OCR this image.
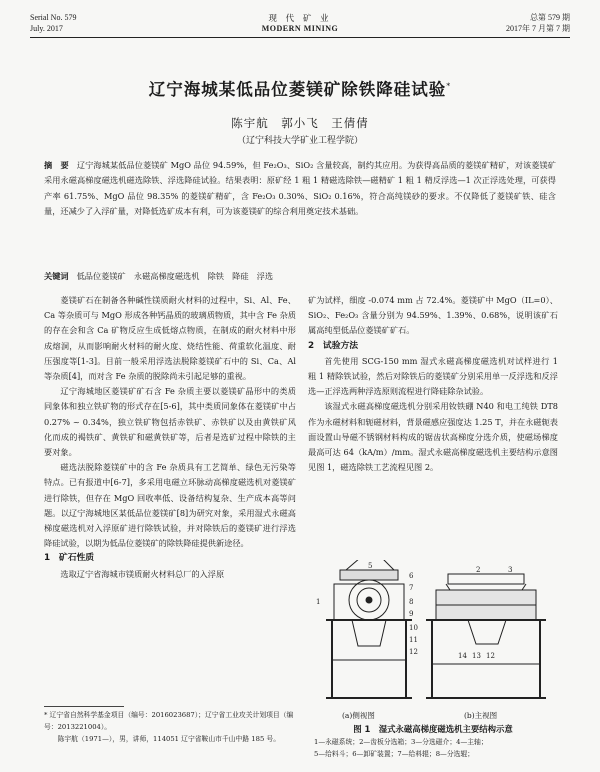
Serial No. 579
July. 2017
现 代 矿 业
MODERN MINING
总第 579 期
2017年 7 月第 7 期
辽宁海城某低品位菱镁矿除铁降硅试验*
陈宇航　郭小飞　王倩倩
（辽宁科技大学矿业工程学院）
摘　要 辽宁海城某低品位菱镁矿 MgO 品位 94.59%，但 Fe₂O₃、SiO₂ 含量较高，制约其应用。为获得高品质的菱镁矿精矿，对该菱镁矿采用永磁高梯度磁选机磁选除铁、浮选降硅试验。结果表明：原矿经 1 粗 1 精磁选除铁—磁精矿 1 粗 1 精反浮选—1 次正浮选处理，可获得产率 61.75%、MgO 品位 98.35% 的菱镁矿精矿，含 Fe₂O₃ 0.30%、SiO₂ 0.16%，符合高纯镁砂的要求。不仅降低了菱镁矿铁、硅含量，还减少了入浮矿量，对降低选矿成本有利，可为该菱镁矿的综合利用奠定技术基础。
关键词 低品位菱镁矿　永磁高梯度磁选机　除铁　降硅　浮选

菱镁矿石在制备各种碱性镁质耐火材料的过程中，Si、Al、Fe、Ca 等杂质可与 MgO 形成各种钙晶质的玻璃质物质，其中含 Fe 杂质的存在会和含 Ca 矿物反应生成低熔点物质，在制成的耐火材料中形成熔洞，从而影响耐火材料的耐火度、烧结性能、荷重软化温度、耐压强度等[1-3]。目前一般采用浮选法脱除菱镁矿石中的 Si、Ca、Al 等杂质[4]，而对含 Fe 杂质的脱除尚未引起足够的重视。

辽宁海城地区菱镁矿矿石含 Fe 杂质主要以菱镁矿晶形中的类质同象体和独立铁矿物的形式存在[5-6]，其中类质同象体在菱镁矿中占 0.27% ~ 0.34%，独立铁矿物包括赤铁矿、赤铁矿以及由黄铁矿风化而成的褐铁矿、黄铁矿和磁黄铁矿等，后者是选矿过程中除铁的主要对象。

磁选法脱除菱镁矿中的含 Fe 杂质具有工艺简单、绿色无污染等特点。已有报道中[6-7]，多采用电磁立环脉动高梯度磁选机对菱镁矿进行除铁，但存在 MgO 回收率低、设备结构复杂、生产成本高等问题。以辽宁海城地区某低品位菱镁矿[8]为研究对象，采用湿式永磁高梯度磁选机对入浮原矿进行除铁试验，并对除铁后的菱镁矿进行浮选降硅试验，以期为低品位菱镁矿的除铁降硅提供新途径。

1　矿石性质

选取辽宁省海城市镁质耐火材料总厂的入浮原

* 辽宁省自然科学基金项目（编号：2016023687）；辽宁省工业攻关计划项目（编号：2013221004）。
陈宇航（1971—），男，讲师，114051 辽宁省鞍山市千山中路 185 号。

矿为试样，细度 -0.074 mm 占 72.4%。菱镁矿中 MgO（IL=0）、SiO₂、Fe₂O₃ 含量分别为 94.59%、1.39%、0.68%，说明该矿石属高纯型低品位菱镁矿矿石。

2　试验方法

首先使用 SCG-150 mm 湿式永磁高梯度磁选机对试样进行 1 粗 1 精除铁试验，然后对除铁后的菱镁矿分别采用单一反浮选和反浮选—正浮选两种浮选原则流程进行降硅除杂试验。

该湿式永磁高梯度磁选机分别采用钕铁硼 N40 和电工纯铁 DT8 作为永磁材料和轭磁材料，背景磁感应强度达 1.25 T，并在永磁轭表面设置山导磁不锈钢材料构成的锯齿状高梯度分选介质，使磁场梯度最高可达 64（kA/m）/mm。湿式永磁高梯度磁选机主要结构示意图见图 1，磁选除铁工艺流程见图 2。

5
6
7
8
9
10
11
12
1
2	3
14 13 12
(a)侧视图	(b)主视图
图 1　湿式永磁高梯度磁选机主要结构示意
1—永磁系统；2—齿板分选箱；3—分选磁介；4—主轴；
5—给料斗；6—卸矿装置；7—给料辊；8—分选辊；
